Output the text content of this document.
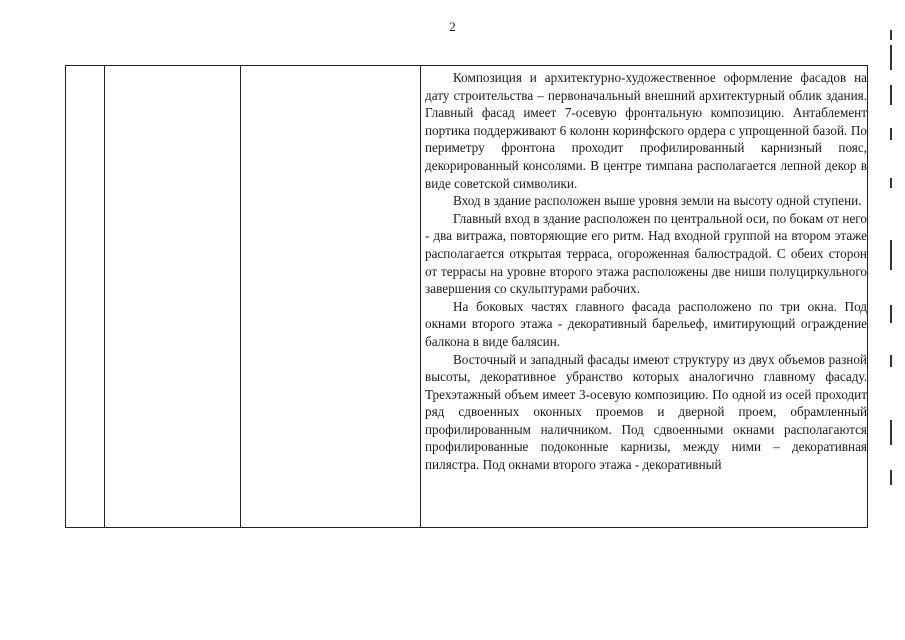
2

Композиция и архитектурно-художественное оформление фасадов на дату строительства – первоначальный внешний архитектурный облик здания. Главный фасад имеет 7-осевую фронтальную композицию. Антаблемент портика поддерживают 6 колонн коринфского ордера с упрощенной базой. По периметру фронтона проходит профилированный карнизный пояс, декорированный консолями. В центре тимпана располагается лепной декор в виде советской символики.

Вход в здание расположен выше уровня земли на высоту одной ступени.

Главный вход в здание расположен по центральной оси, по бокам от него - два витража, повторяющие его ритм. Над входной группой на втором этаже располагается открытая терраса, огороженная балюстрадой. С обеих сторон от террасы на уровне второго этажа расположены две ниши полуциркульного завершения со скульптурами рабочих.

На боковых частях главного фасада расположено по три окна. Под окнами второго этажа - декоративный барельеф, имитирующий ограждение балкона в виде балясин.

Восточный и западный фасады имеют структуру из двух объемов разной высоты, декоративное убранство которых аналогично главному фасаду. Трехэтажный объем имеет 3-осевую композицию. По одной из осей проходит ряд сдвоенных оконных проемов и дверной проем, обрамленный профилированным наличником. Под сдвоенными окнами располагаются профилированные подоконные карнизы, между ними – декоративная пилястра. Под окнами второго этажа - декоративный
